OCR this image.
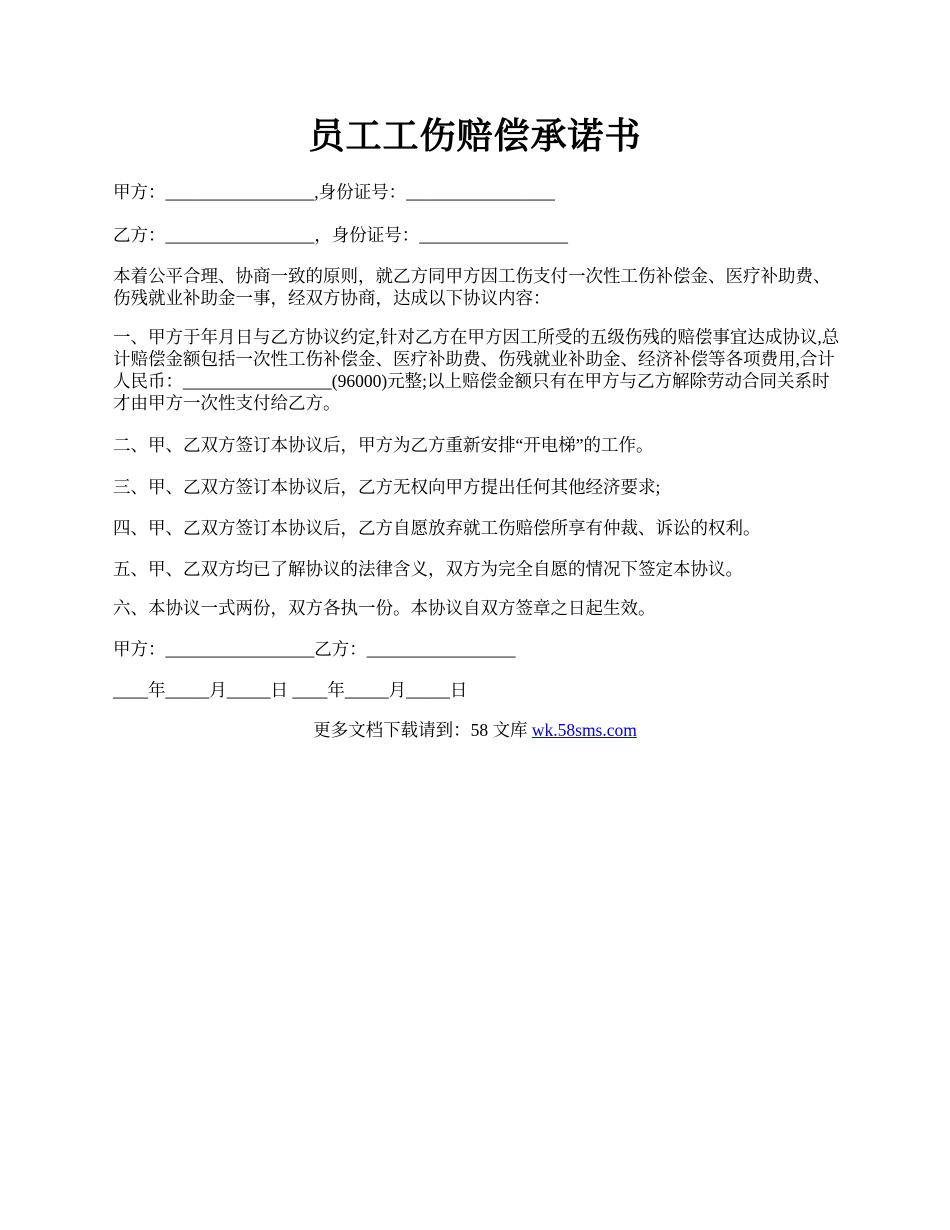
员工工伤赔偿承诺书
甲方：_________________,身份证号：_________________
乙方：_________________，身份证号：_________________
本着公平合理、协商一致的原则，就乙方同甲方因工伤支付一次性工伤补偿金、医疗补助费、伤残就业补助金一事，经双方协商，达成以下协议内容：
一、甲方于年月日与乙方协议约定,针对乙方在甲方因工所受的五级伤残的赔偿事宜达成协议,总计赔偿金额包括一次性工伤补偿金、医疗补助费、伤残就业补助金、经济补偿等各项费用,合计人民币：_________________(96000)元整;以上赔偿金额只有在甲方与乙方解除劳动合同关系时才由甲方一次性支付给乙方。
二、甲、乙双方签订本协议后，甲方为乙方重新安排“开电梯”的工作。
三、甲、乙双方签订本协议后，乙方无权向甲方提出任何其他经济要求;
四、甲、乙双方签订本协议后，乙方自愿放弃就工伤赔偿所享有仲裁、诉讼的权利。
五、甲、乙双方均已了解协议的法律含义，双方为完全自愿的情况下签定本协议。
六、本协议一式两份，双方各执一份。本协议自双方签章之日起生效。
甲方：_________________乙方：_________________
____年_____月_____日 ____年_____月_____日
更多文档下载请到：58 文库 wk.58sms.com
